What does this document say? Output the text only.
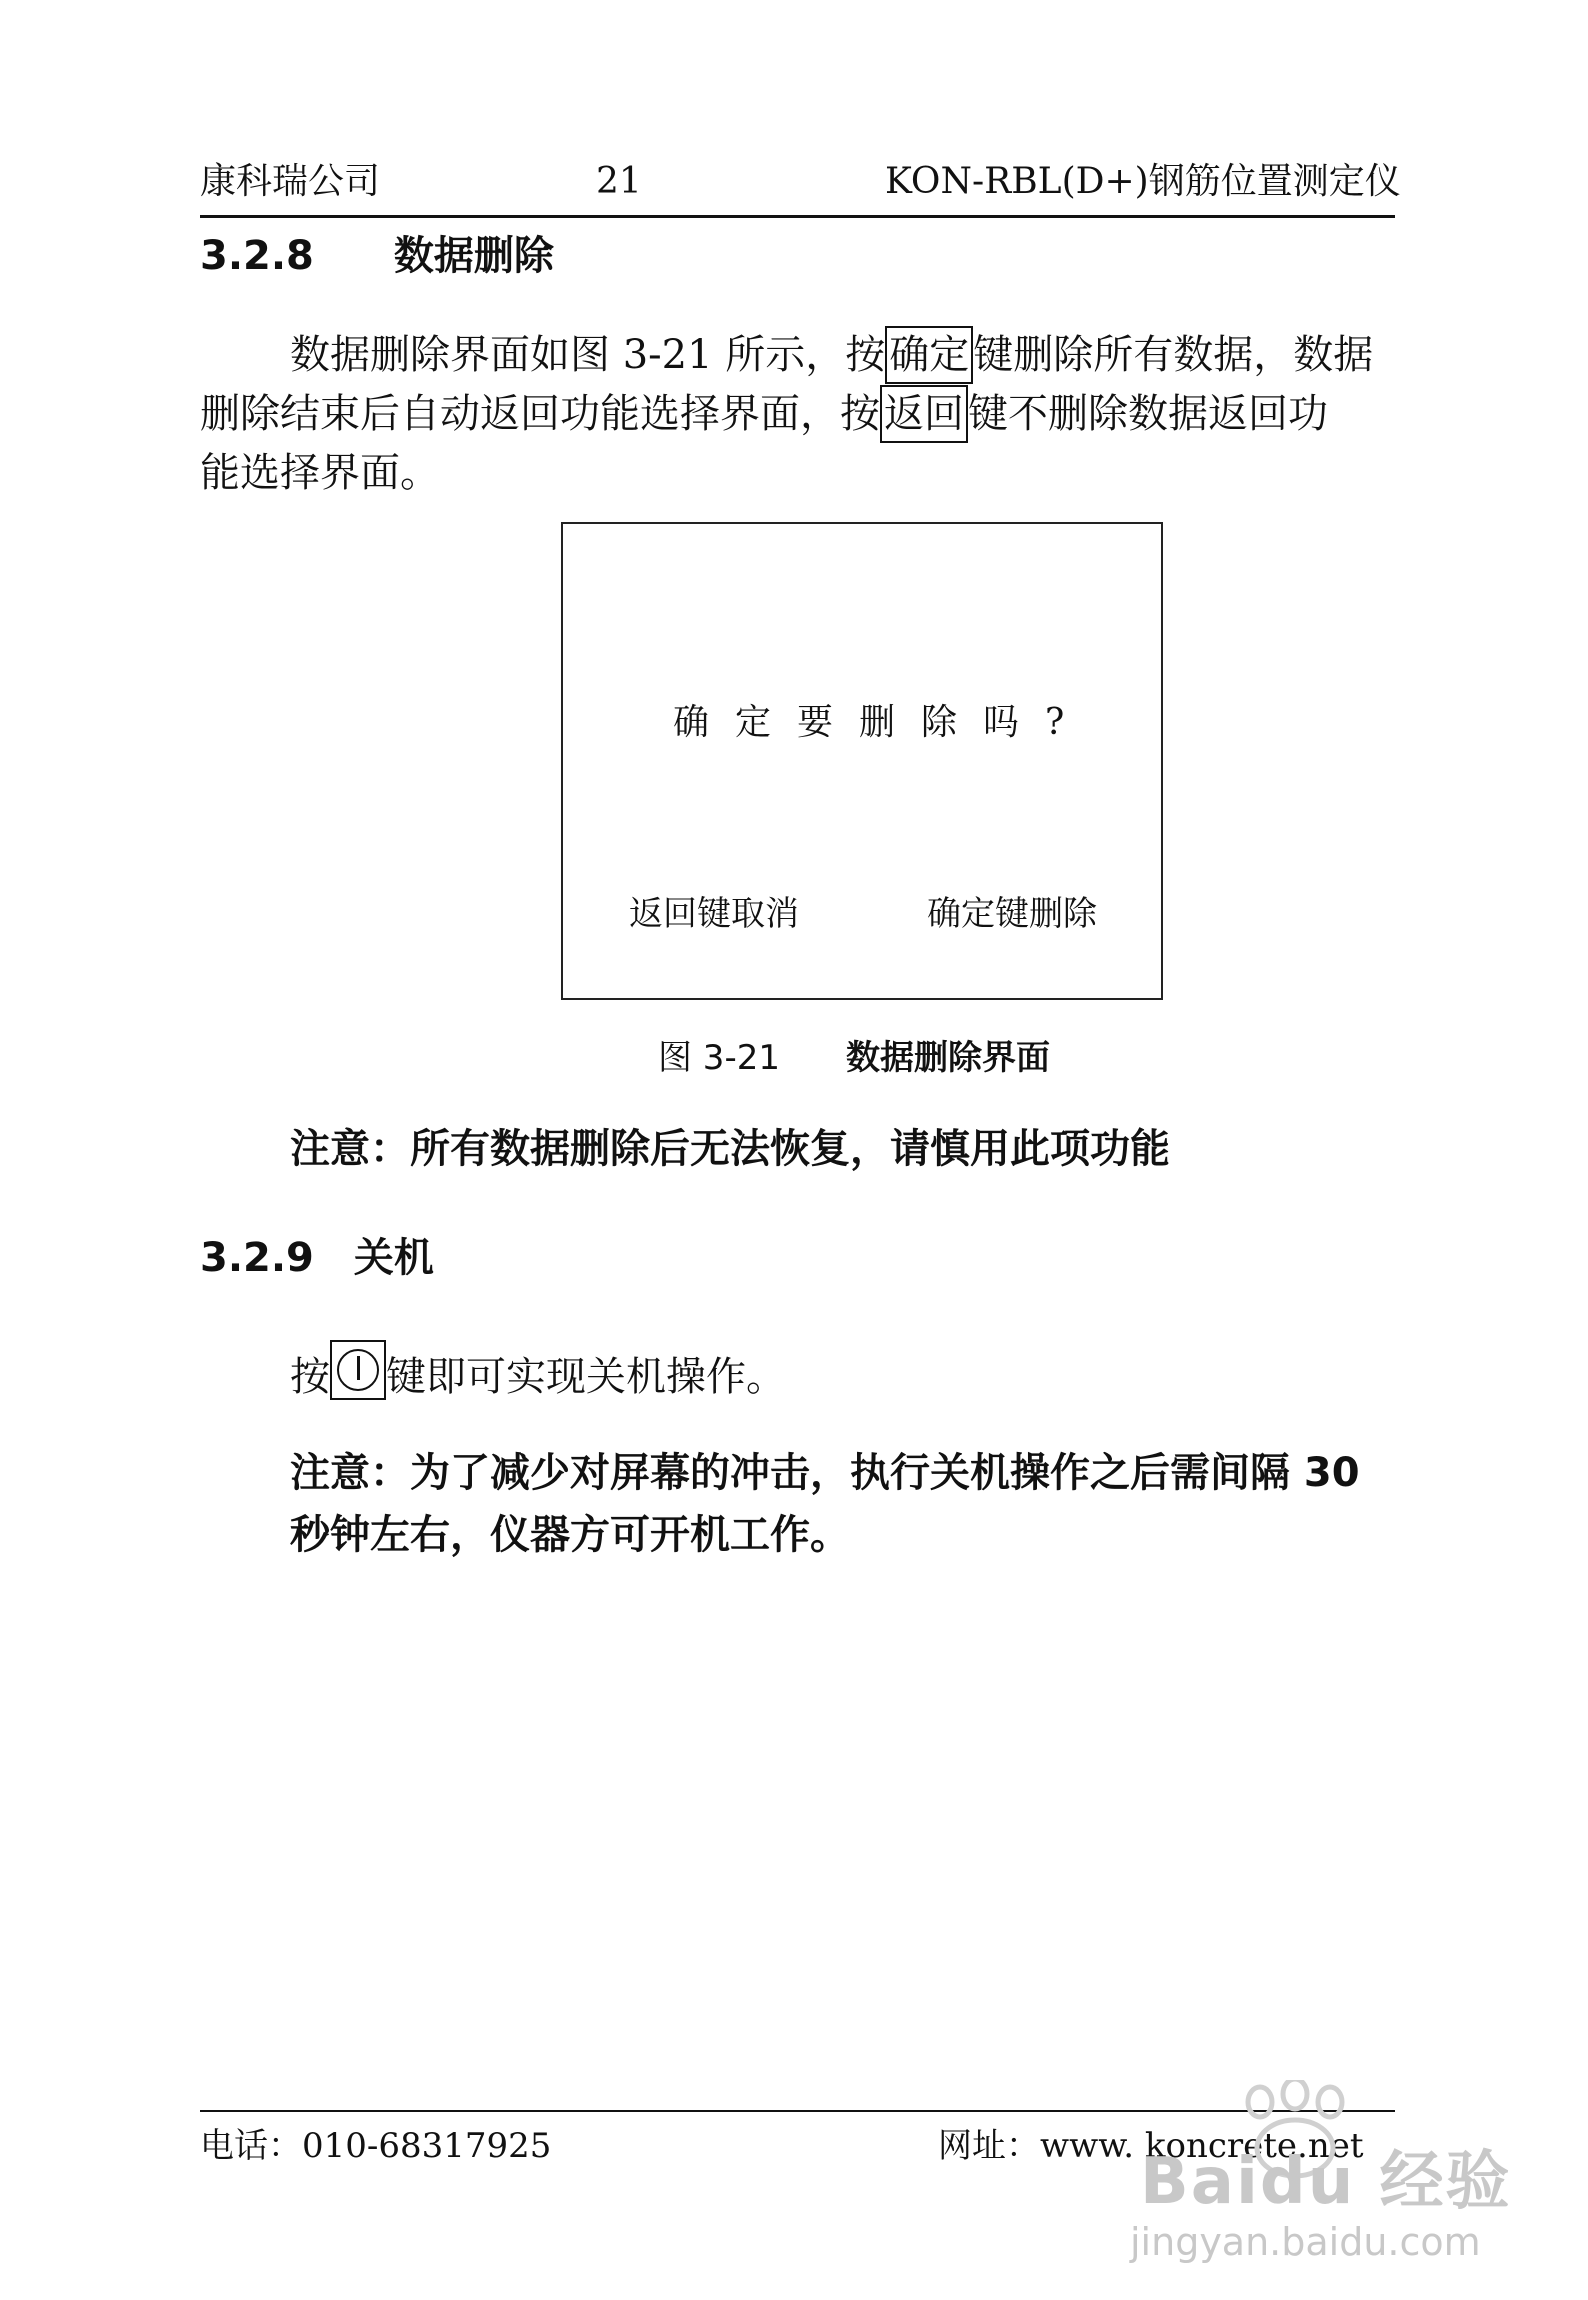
康科瑞公司	21	KON-RBL(D+)钢筋位置测定仪
3.2.8　　数据删除
数据删除界面如图 3-21 所示，按 确定 键删除所有数据，数据
删除结束后自动返回功能选择界面，按 返回 键不删除数据返回功
能选择界面。
确定要删除吗?
返回键取消	确定键删除
图 3-21 数据删除界面
注意：所有数据删除后无法恢复，请慎用此项功能
3.2.9　关机
按 键即可实现关机操作。
注意：为了减少对屏幕的冲击，执行关机操作之后需间隔 30
秒钟左右，仪器方可开机工作。
电话：010-68317925	网址：www. koncrete.net
Baidu 经验
jingyan.baidu.com
